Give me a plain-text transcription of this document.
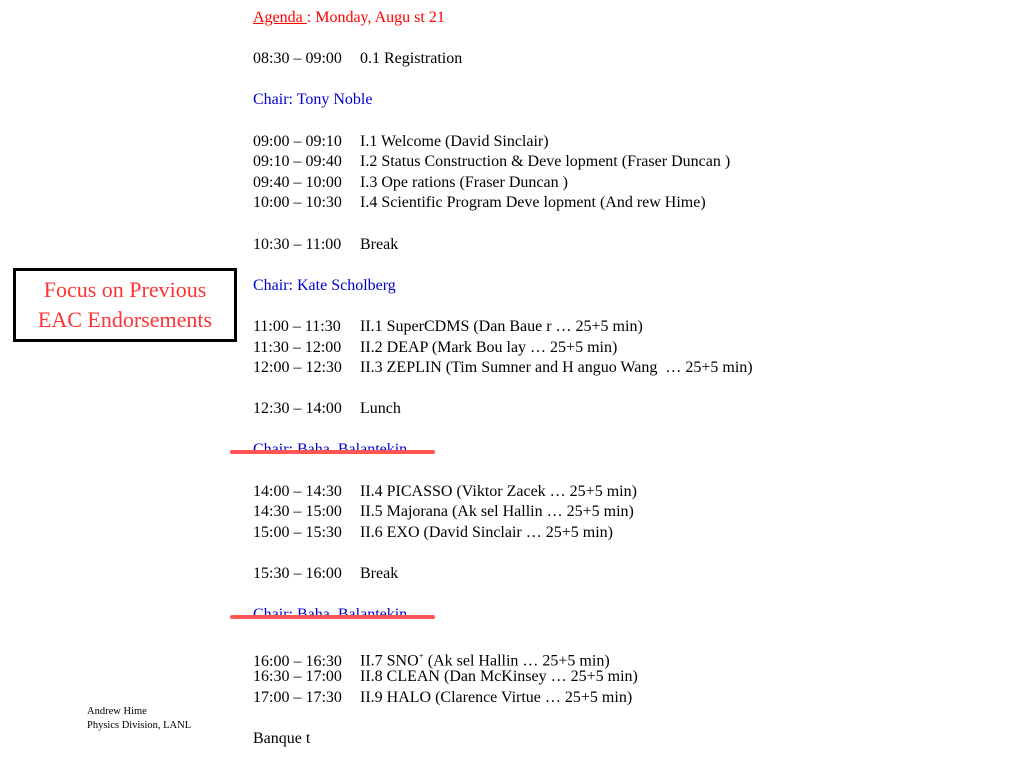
Agenda : Monday, Augu st 21
08:30 – 09:00 0.1 Registration
Chair: Tony Noble
09:00 – 09:10 I.1 Welcome (David Sinclair)
09:10 – 09:40 I.2 Status Construction & Deve lopment (Fraser Duncan )
09:40 – 10:00 I.3 Ope rations (Fraser Duncan )
10:00 – 10:30 I.4 Scientific Program Deve lopment (And rew Hime)
10:30 – 11:00 Break
Chair: Kate Scholberg
11:00 – 11:30 II.1 SuperCDMS (Dan Baue r … 25+5 min)
11:30 – 12:00 II.2 DEAP (Mark Bou lay … 25+5 min)
12:00 – 12:30 II.3 ZEPLIN (Tim Sumner and H anguo Wang  … 25+5 min)
12:30 – 14:00 Lunch
14:00 – 14:30 II.4 PICASSO (Viktor Zacek … 25+5 min)
14:30 – 15:00 II.5 Majorana (Ak sel Hallin … 25+5 min)
15:00 – 15:30 II.6 EXO (David Sinclair … 25+5 min)
15:30 – 16:00 Break
16:00 – 16:30 II.7 SNO+ (Ak sel Hallin … 25+5 min)
16:30 – 17:00 II.8 CLEAN (Dan McKinsey … 25+5 min)
17:00 – 17:30 II.9 HALO (Clarence Virtue … 25+5 min)
Banque t
Focus on Previous
EAC Endorsements
Andrew Hime
Physics Division, LANL
